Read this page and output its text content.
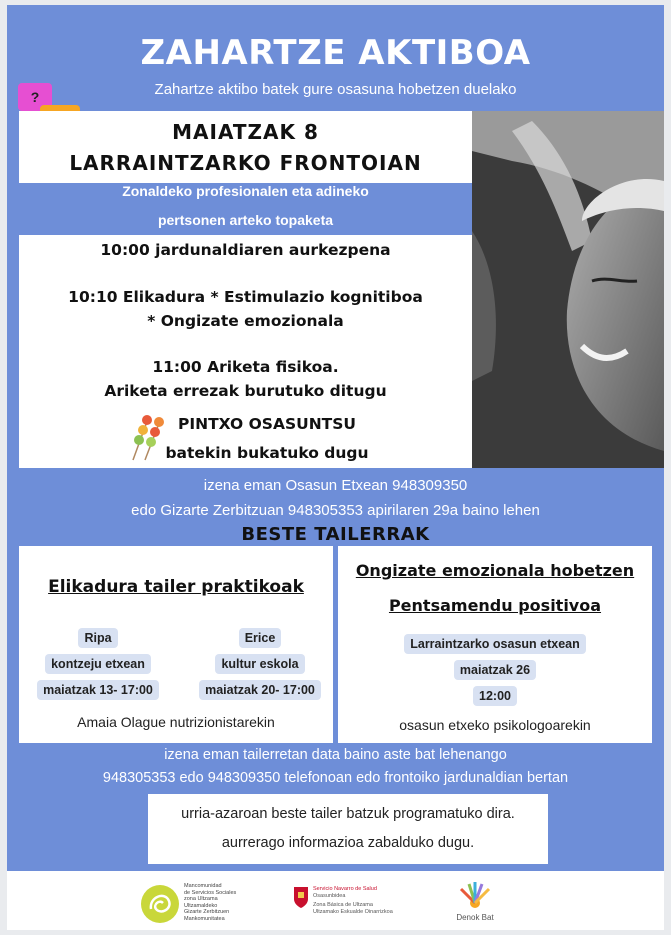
?
ZAHARTZE AKTIBOA
Zahartze aktibo batek gure osasuna hobetzen duelako
MAIATZAK 8
LARRAINTZARKO FRONTOIAN
Zonaldeko profesionalen eta adineko
pertsonen arteko topaketa
10:00 jardunaldiaren aurkezpena
10:10 Elikadura * Estimulazio kognitiboa
* Ongizate emozionala
11:00 Ariketa fisikoa.
Ariketa errezak burutuko ditugu
PINTXO OSASUNTSU
batekin bukatuko dugu
izena eman Osasun Etxean 948309350
edo Gizarte Zerbitzuan 948305353 apirilaren 29a baino lehen
BESTE TAILERRAK
Elikadura tailer praktikoak
Ripa
kontzeju etxean
maiatzak 13- 17:00
Erice
kultur eskola
maiatzak 20- 17:00
Amaia Olague nutrizionistarekin
Ongizate emozionala hobetzen
Pentsamendu positivoa
Larraintzarko osasun etxean
maiatzak 26
12:00
osasun etxeko psikologoarekin
izena eman tailerretan data baino aste bat lehenango
948305353 edo 948309350 telefonoan edo frontoiko jardunaldian bertan
urria-azaroan beste tailer batzuk programatuko dira.
aurrerago informazioa zabalduko dugu.
Mancomunidad
de Servicios Sociales
zona Ultzama
Ultzamaldeko
Gizarte Zerbitzuen
Mankomunitatea
Servicio Navarro de Salud
Osasunbidea
Zona Básica de Ultzama
Ultzamako Eskualde Oinarrizkoa
Denok Bat
